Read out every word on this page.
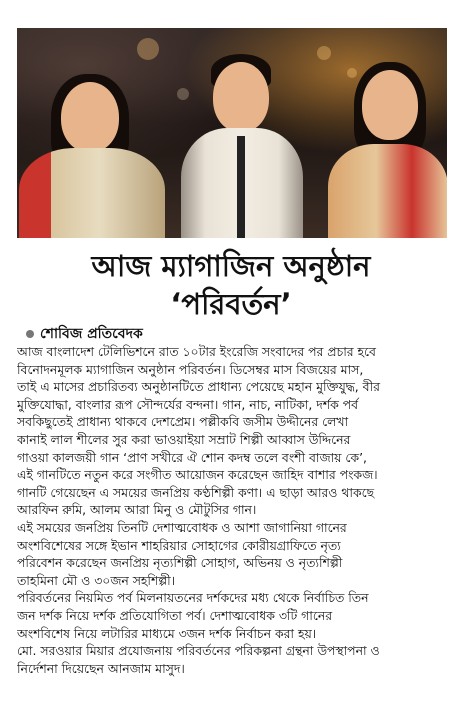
আজ ম্যাগাজিন অনুষ্ঠান
‘পরিবর্তন’
শোবিজ প্রতিবেদক

আজ বাংলাদেশ টেলিভিশনে রাত ১০টার ইংরেজি সংবাদের পর প্রচার হবে
বিনোদনমূলক ম্যাগাজিন অনুষ্ঠান পরিবর্তন। ডিসেম্বর মাস বিজয়ের মাস,
তাই এ মাসের প্রচারিতব্য অনুষ্ঠানটিতে প্রাধান্য পেয়েছে মহান মুক্তিযুদ্ধ, বীর
মুক্তিযোদ্ধা, বাংলার রূপ সৌন্দর্যের বন্দনা। গান, নাচ, নাটিকা, দর্শক পর্ব
সবকিছুতেই প্রাধান্য থাকবে দেশপ্রেম। পল্লীকবি জসীম উদ্দীনের লেখা
কানাই লাল শীলের সুর করা ভাওয়াইয়া সম্রাট শিল্পী আব্বাস উদ্দিনের
গাওয়া কালজয়ী গান ‘প্রাণ সখীরে ঐ শোন কদম্ব তলে বংশী বাজায় কে’,
এই গানটিতে নতুন করে সংগীত আয়োজন করেছেন জাহিদ বাশার পংকজ।
গানটি গেয়েছেন এ সময়ের জনপ্রিয় কণ্ঠশিল্পী কণা। এ ছাড়া আরও থাকছে
আরফিন রুমি, আলম আরা মিনু ও মৌটুসির গান।
এই সময়ের জনপ্রিয় তিনটি দেশাত্মবোধক ও আশা জাগানিয়া গানের
অংশবিশেষের সঙ্গে ইভান শাহরিয়ার সোহাগের কোরীয়গ্রাফিতে নৃত্য
পরিবেশন করেছেন জনপ্রিয় নৃত্যশিল্পী সোহাগ, অভিনয় ও নৃত্যশিল্পী
তাহমিনা মৌ ও ৩০জন সহশিল্পী।
পরিবর্তনের নিয়মিত পর্ব মিলনায়তনের দর্শকদের মধ্য থেকে নির্বাচিত তিন
জন দর্শক নিয়ে দর্শক প্রতিযোগিতা পর্ব। দেশাত্মবোধক ৩টি গানের
অংশবিশেষ নিয়ে লটারির মাধ্যমে ৩জন দর্শক নির্বাচন করা হয়।
মো. সরওয়ার মিয়ার প্রযোজনায় পরিবর্তনের পরিকল্পনা গ্রন্থনা উপস্থাপনা ও
নির্দেশনা দিয়েছেন আনজাম মাসুদ।
